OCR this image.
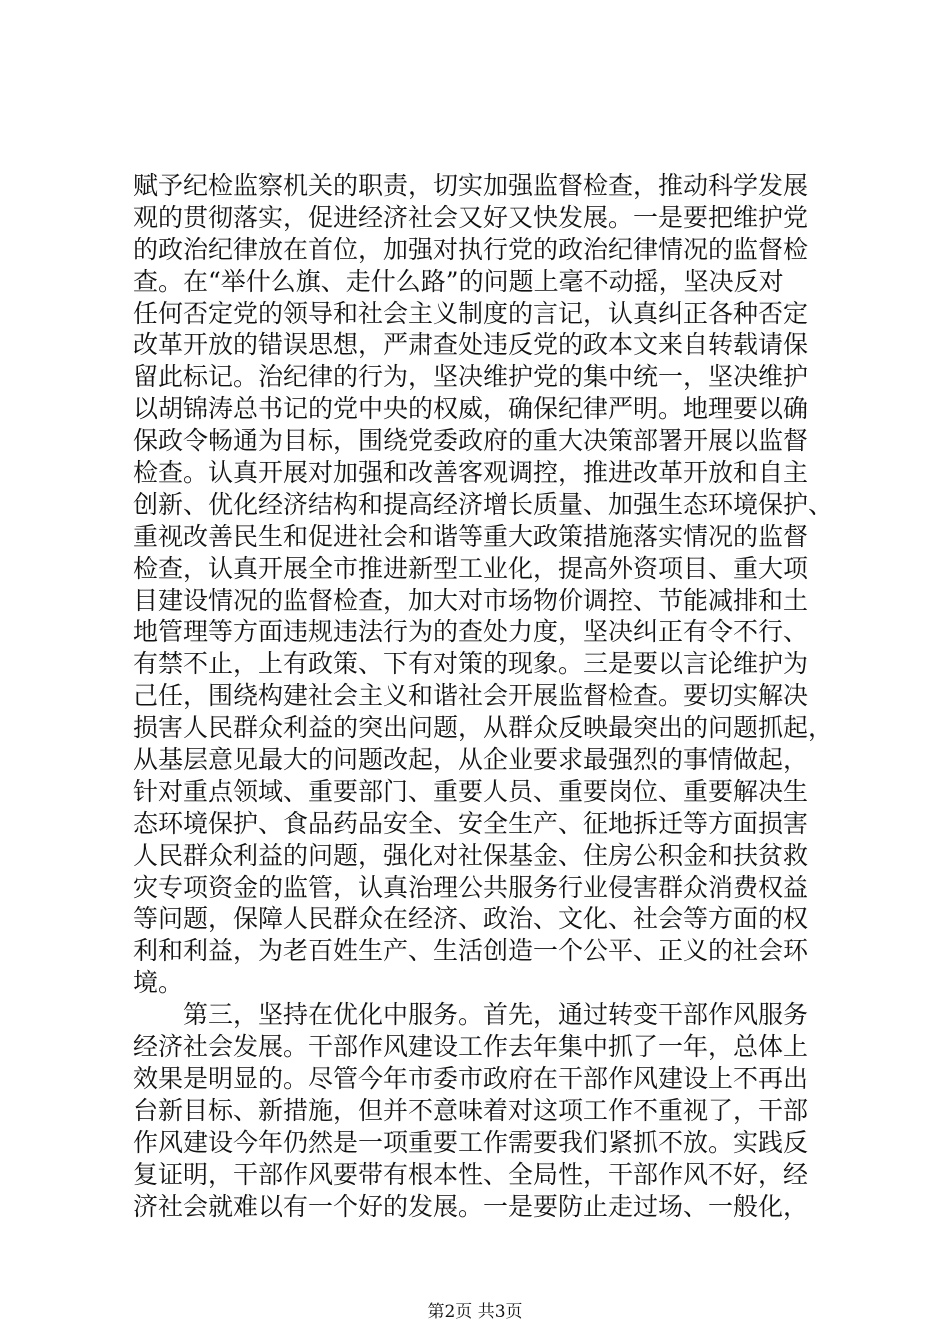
赋予纪检监察机关的职责，切实加强监督检查，推动科学发展
观的贯彻落实，促进经济社会又好又快发展。一是要把维护党
的政治纪律放在首位，加强对执行党的政治纪律情况的监督检
查。在“举什么旗、走什么路”的问题上毫不动摇，坚决反对
任何否定党的领导和社会主义制度的言记，认真纠正各种否定
改革开放的错误思想，严肃查处违反党的政本文来自转载请保
留此标记。治纪律的行为，坚决维护党的集中统一，坚决维护
以胡锦涛总书记的党中央的权威，确保纪律严明。地理要以确
保政令畅通为目标，围绕党委政府的重大决策部署开展以监督
检查。认真开展对加强和改善客观调控，推进改革开放和自主
创新、优化经济结构和提高经济增长质量、加强生态环境保护、
重视改善民生和促进社会和谐等重大政策措施落实情况的监督
检查，认真开展全市推进新型工业化，提高外资项目、重大项
目建设情况的监督检查，加大对市场物价调控、节能减排和土
地管理等方面违规违法行为的查处力度，坚决纠正有令不行、
有禁不止，上有政策、下有对策的现象。三是要以言论维护为
己任，围绕构建社会主义和谐社会开展监督检查。要切实解决
损害人民群众利益的突出问题，从群众反映最突出的问题抓起，
从基层意见最大的问题改起，从企业要求最强烈的事情做起，
针对重点领域、重要部门、重要人员、重要岗位、重要解决生
态环境保护、食品药品安全、安全生产、征地拆迁等方面损害
人民群众利益的问题，强化对社保基金、住房公积金和扶贫救
灾专项资金的监管，认真治理公共服务行业侵害群众消费权益
等问题，保障人民群众在经济、政治、文化、社会等方面的权
利和利益，为老百姓生产、生活创造一个公平、正义的社会环
境。
　　第三，坚持在优化中服务。首先，通过转变干部作风服务
经济社会发展。干部作风建设工作去年集中抓了一年，总体上
效果是明显的。尽管今年市委市政府在干部作风建设上不再出
台新目标、新措施，但并不意味着对这项工作不重视了，干部
作风建设今年仍然是一项重要工作需要我们紧抓不放。实践反
复证明，干部作风要带有根本性、全局性，干部作风不好，经
济社会就难以有一个好的发展。一是要防止走过场、一般化，
第2页 共3页
